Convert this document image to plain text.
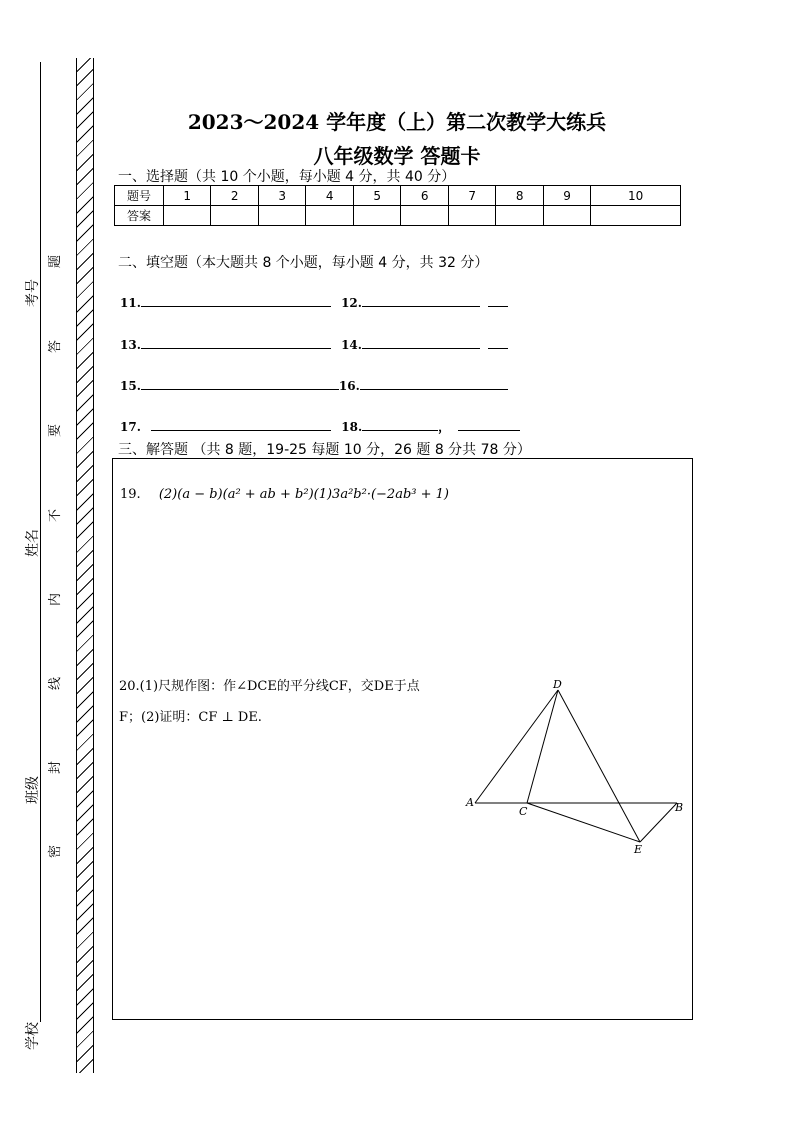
考号
姓名
班级
学校
题
答
要
不
内
线
封
密
2023～2024 学年度（上）第二次教学大练兵
八年级数学 答题卡
一、选择题（共 10 个小题，每小题 4 分，共 40 分）
题号	1	2	3	4	5	6	7	8	9	10
答案										
二、填空题（本大题共 8 个小题，每小题 4 分，共 32 分）
11.	12.
13.	14.
15.	16.
17.	18.	，
三、解答题 （共 8 题，19-25 每题 10 分，26 题 8 分共 78 分）
19. (2)(a − b)(a² + ab + b²)(1)3a²b²·(−2ab³ + 1)
20.(1)尺规作图：作∠DCE的平分线CF，交DE于点
F；(2)证明：CF ⊥ DE.
D
A
C	B
E
